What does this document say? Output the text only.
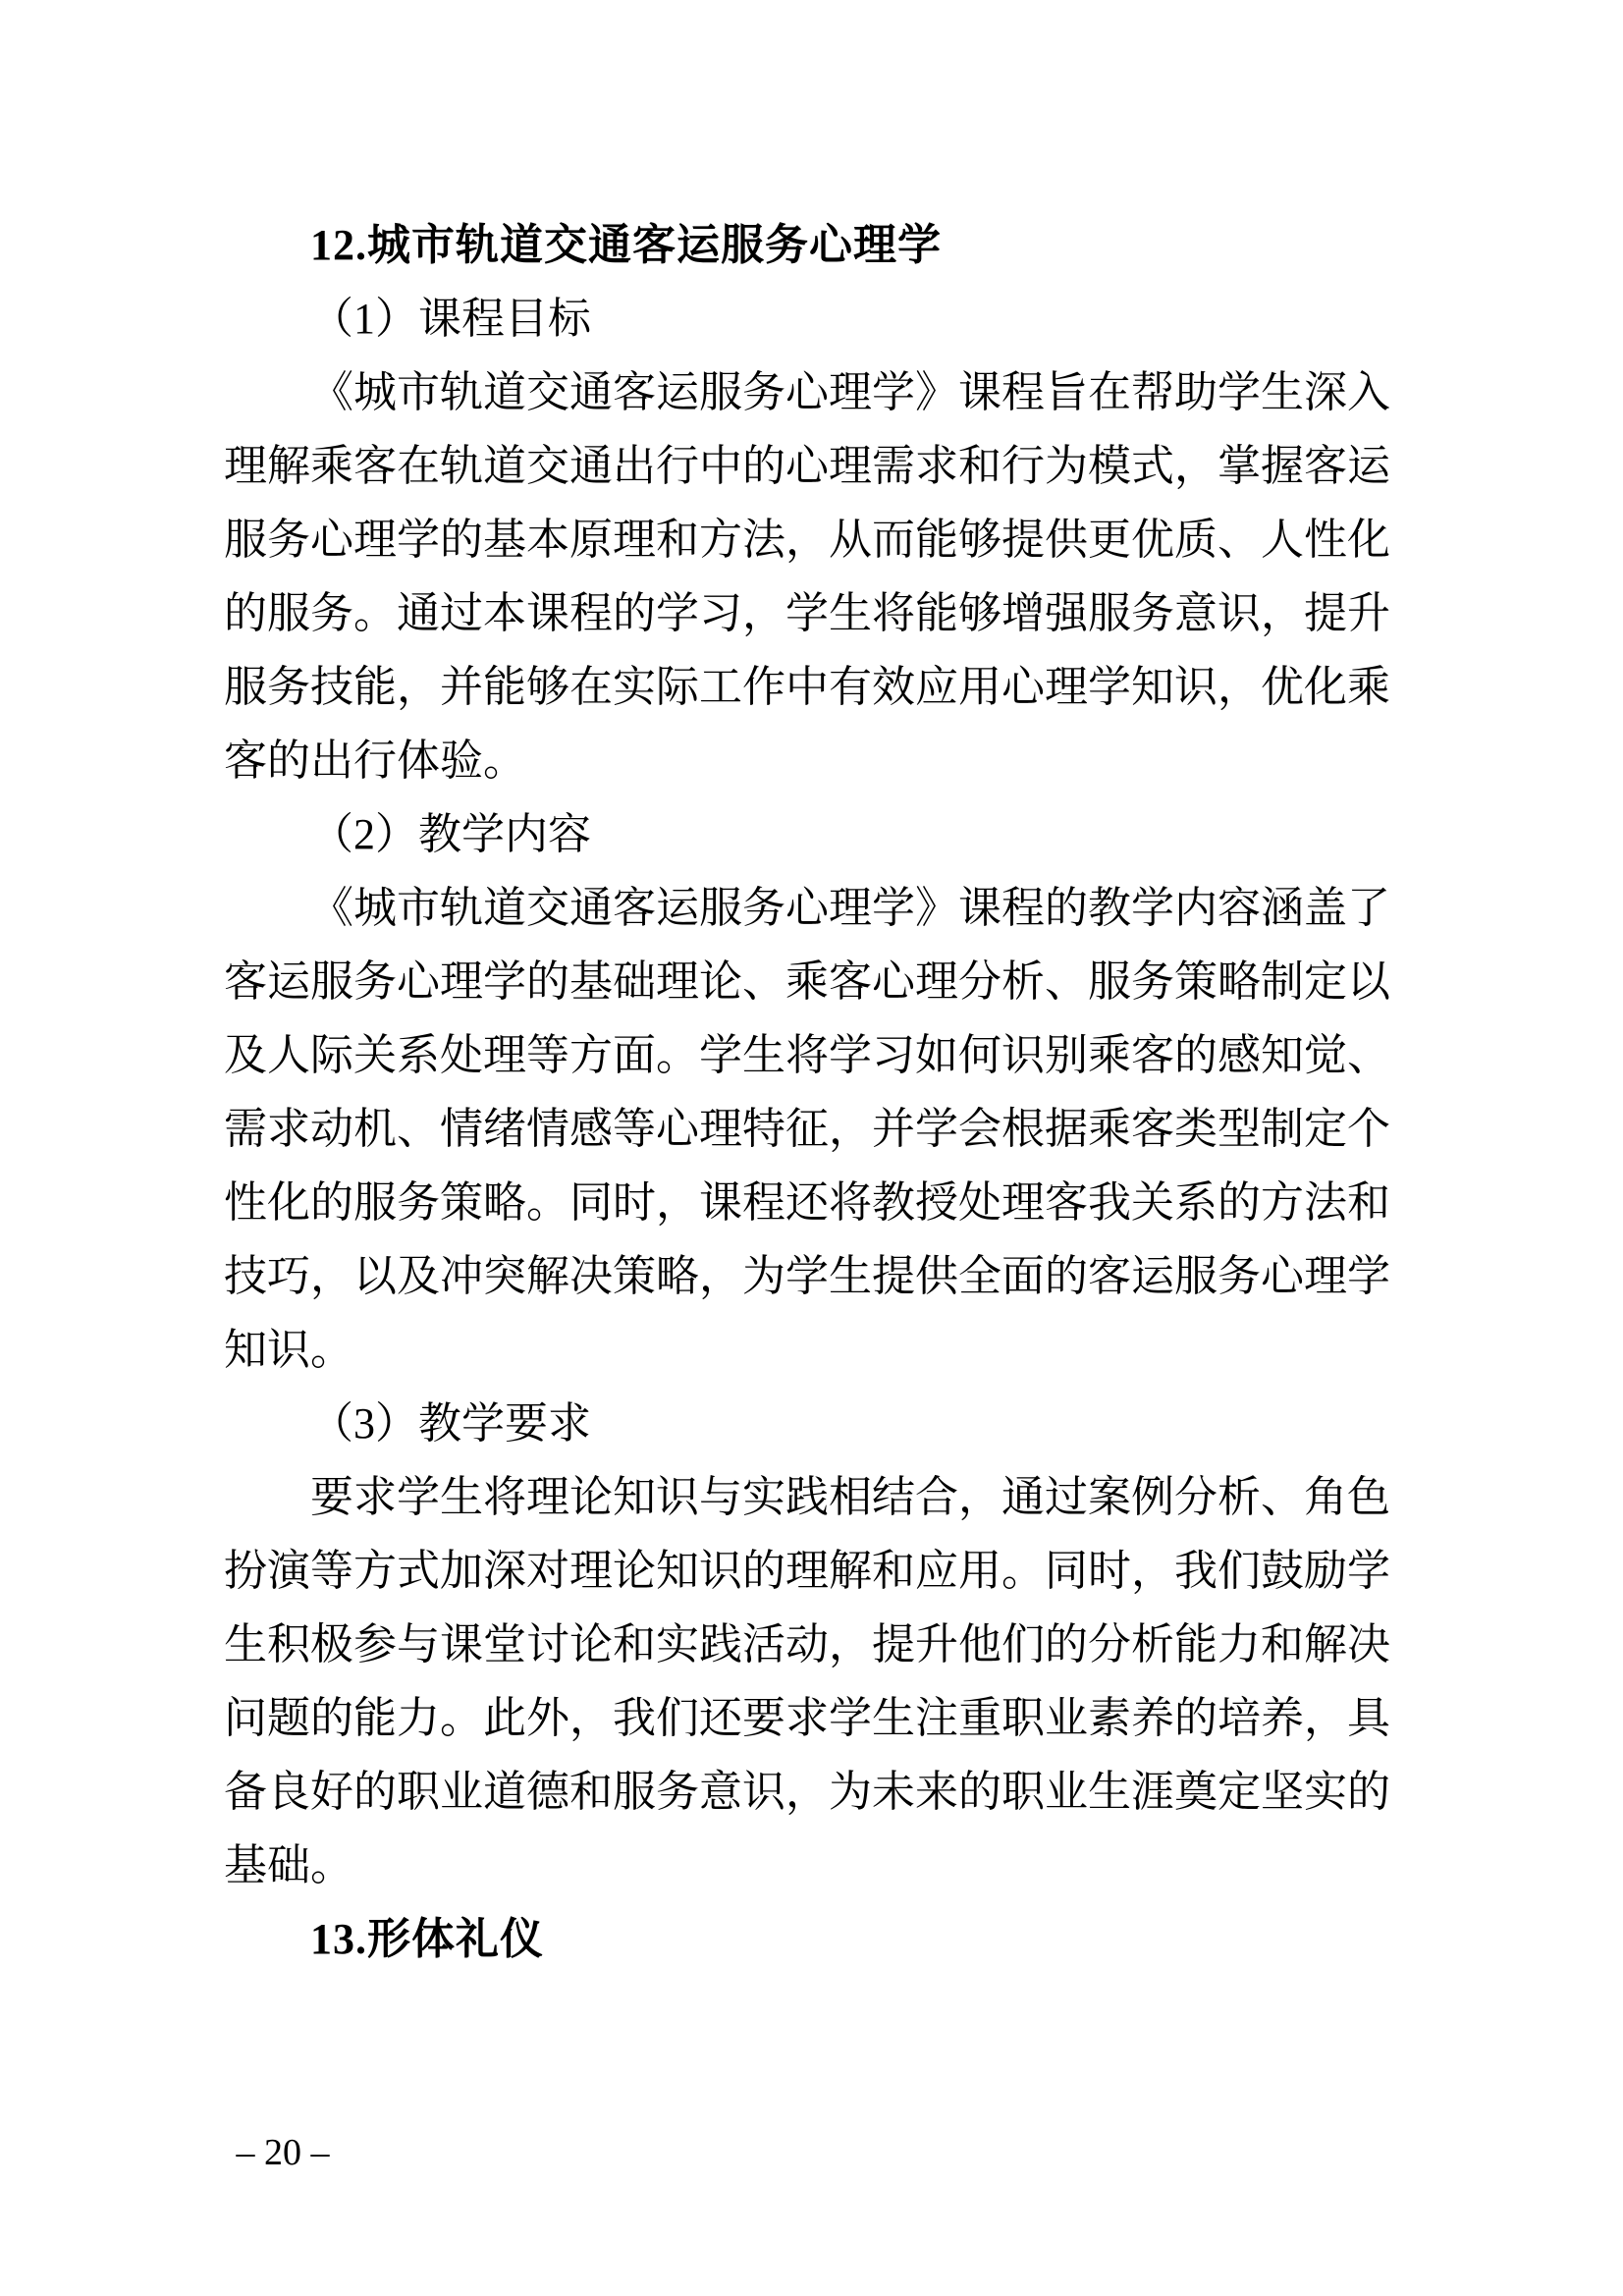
12.城市轨道交通客运服务心理学
（1）课程目标

《城市轨道交通客运服务心理学》课程旨在帮助学生深入理解乘客在轨道交通出行中的心理需求和行为模式，掌握客运服务心理学的基本原理和方法，从而能够提供更优质、人性化的服务。通过本课程的学习，学生将能够增强服务意识，提升服务技能，并能够在实际工作中有效应用心理学知识，优化乘客的出行体验。

（2）教学内容

《城市轨道交通客运服务心理学》课程的教学内容涵盖了客运服务心理学的基础理论、乘客心理分析、服务策略制定以及人际关系处理等方面。学生将学习如何识别乘客的感知觉、需求动机、情绪情感等心理特征，并学会根据乘客类型制定个性化的服务策略。同时，课程还将教授处理客我关系的方法和技巧，以及冲突解决策略，为学生提供全面的客运服务心理学知识。

（3）教学要求

要求学生将理论知识与实践相结合，通过案例分析、角色扮演等方式加深对理论知识的理解和应用。同时，我们鼓励学生积极参与课堂讨论和实践活动，提升他们的分析能力和解决问题的能力。此外，我们还要求学生注重职业素养的培养，具备良好的职业道德和服务意识，为未来的职业生涯奠定坚实的基础。

13.形体礼仪
– 20 –
